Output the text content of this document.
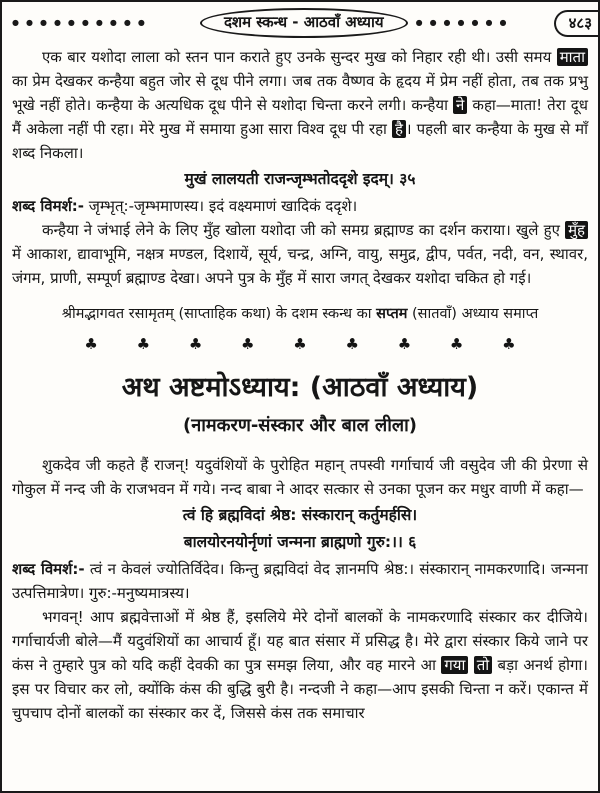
●●●●●●●●●●	दशम स्कन्ध - आठवाँ अध्याय	●●●●●●●	४८३

एक बार यशोदा लाला को स्तन पान कराते हुए उनके सुन्दर मुख को निहार रही थी। उसी समय माता का प्रेम देखकर कन्हैया बहुत जोर से दूध पीने लगा। जब तक वैष्णव के हृदय में प्रेम नहीं होता, तब तक प्रभु भूखे नहीं होते। कन्हैया के अत्यधिक दूध पीने से यशोदा चिन्ता करने लगी। कन्हैया ने कहा—माता! तेरा दूध मैं अकेला नहीं पी रहा। मेरे मुख में समाया हुआ सारा विश्व दूध पी रहा है । पहली बार कन्हैया के मुख से माँ शब्द निकला।

मुखं लालयती राजन्जृम्भतोददृशे इदम्। ३५

शब्द विमर्श:- जृम्भृत्:-जृम्भमाणस्य। इदं वक्ष्यमाणं खादिकं ददृशे।

कन्हैया ने जंभाई लेने के लिए मुँह खोला यशोदा जी को समग्र ब्रह्माण्ड का दर्शन कराया। खुले हुए मुँह में आकाश, द्यावाभूमि, नक्षत्र मण्डल, दिशायें, सूर्य, चन्द्र, अग्नि, वायु, समुद्र, द्वीप, पर्वत, नदी, वन, स्थावर, जंगम, प्राणी, सम्पूर्ण ब्रह्माण्ड देखा। अपने पुत्र के मुँह में सारा जगत् देखकर यशोदा चकित हो गई।

श्रीमद्भागवत रसामृतम् (साप्ताहिक कथा) के दशम स्कन्ध का सप्तम (सातवाँ) अध्याय समाप्त

♣ ♣ ♣ ♣ ♣ ♣ ♣ ♣ ♣
अथ अष्टमोऽध्याय: (आठवाँ अध्याय)
(नामकरण-संस्कार और बाल लीला)

शुकदेव जी कहते हैं राजन्! यदुवंशियों के पुरोहित महान् तपस्वी गर्गाचार्य जी वसुदेव जी की प्रेरणा से गोकुल में नन्द जी के राजभवन में गये। नन्द बाबा ने आदर सत्कार से उनका पूजन कर मधुर वाणी में कहा—

त्वं हि ब्रह्मविदां श्रेष्ठ: संस्कारान् कर्तुमर्हसि।

बालयोरनयोर्नृणां जन्मना ब्राह्मणो गुरु:।। ६

शब्द विमर्श:- त्वं न केवलं ज्योतिर्विदेव। किन्तु ब्रह्मविदां वेद ज्ञानमपि श्रेष्ठ:। संस्कारान् नामकरणादि। जन्मना उत्पत्तिमात्रेण। गुरु:-मनुष्यमात्रस्य।

भगवन्! आप ब्रह्मवेत्ताओं में श्रेष्ठ हैं, इसलिये मेरे दोनों बालकों के नामकरणादि संस्कार कर दीजिये। गर्गाचार्यजी बोले—मैं यदुवंशियों का आचार्य हूँ। यह बात संसार में प्रसिद्ध है। मेरे द्वारा संस्कार किये जाने पर कंस ने तुम्हारे पुत्र को यदि कहीं देवकी का पुत्र समझ लिया, और वह मारने आ गया तो बड़ा अनर्थ होगा। इस पर विचार कर लो, क्योंकि कंस की बुद्धि बुरी है। नन्दजी ने कहा—आप इसकी चिन्ता न करें। एकान्त में चुपचाप दोनों बालकों का संस्कार कर दें, जिससे कंस तक समाचार
